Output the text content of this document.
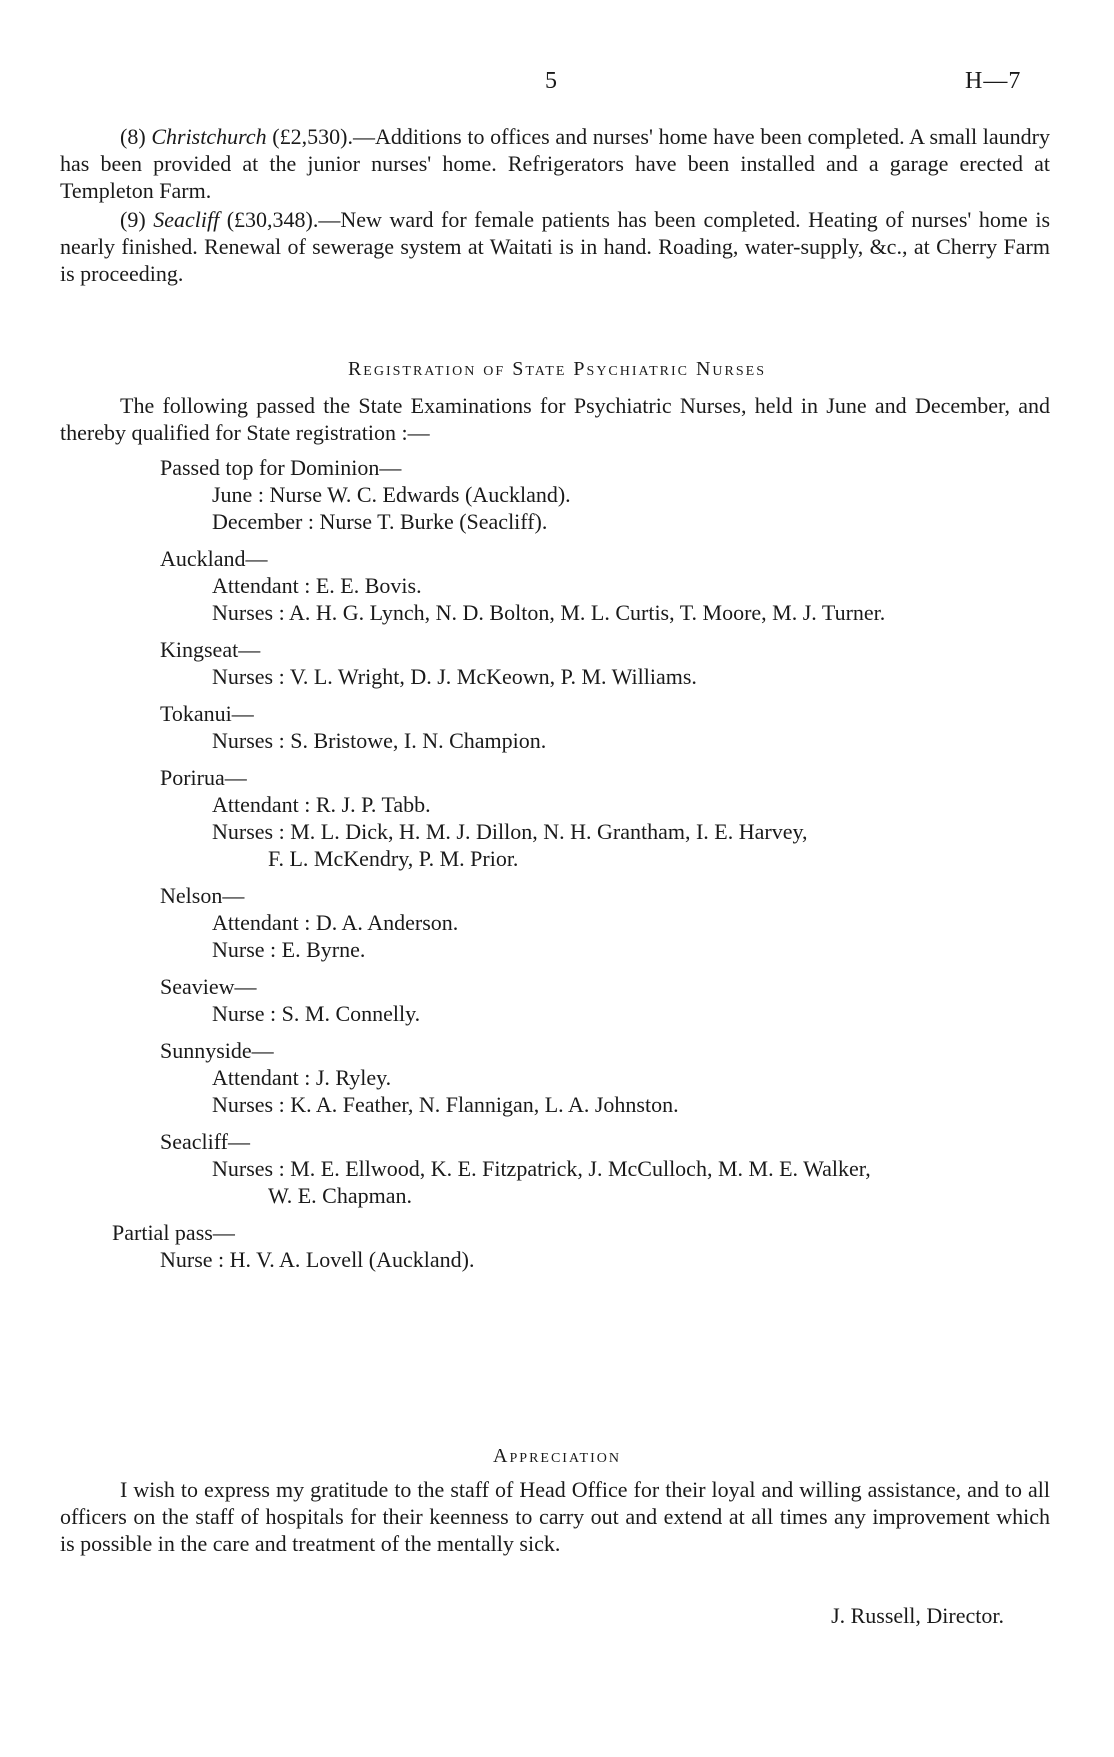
5	H—7
(8) Christchurch (£2,530).—Additions to offices and nurses' home have been completed. A small laundry has been provided at the junior nurses' home. Refrigerators have been installed and a garage erected at Templeton Farm.
(9) Seacliff (£30,348).—New ward for female patients has been completed. Heating of nurses' home is nearly finished. Renewal of sewerage system at Waitati is in hand. Roading, water-supply, &c., at Cherry Farm is proceeding.
Registration of State Psychiatric Nurses
The following passed the State Examinations for Psychiatric Nurses, held in June and December, and thereby qualified for State registration :—
Passed top for Dominion—
June : Nurse W. C. Edwards (Auckland).
December : Nurse T. Burke (Seacliff).
Auckland—
Attendant : E. E. Bovis.
Nurses : A. H. G. Lynch, N. D. Bolton, M. L. Curtis, T. Moore, M. J. Turner.
Kingseat—
Nurses : V. L. Wright, D. J. McKeown, P. M. Williams.
Tokanui—
Nurses : S. Bristowe, I. N. Champion.
Porirua—
Attendant : R. J. P. Tabb.
Nurses : M. L. Dick, H. M. J. Dillon, N. H. Grantham, I. E. Harvey,
F. L. McKendry, P. M. Prior.
Nelson—
Attendant : D. A. Anderson.
Nurse : E. Byrne.
Seaview—
Nurse : S. M. Connelly.
Sunnyside—
Attendant : J. Ryley.
Nurses : K. A. Feather, N. Flannigan, L. A. Johnston.
Seacliff—
Nurses : M. E. Ellwood, K. E. Fitzpatrick, J. McCulloch, M. M. E. Walker,
W. E. Chapman.
Partial pass—
Nurse : H. V. A. Lovell (Auckland).
Appreciation
I wish to express my gratitude to the staff of Head Office for their loyal and willing assistance, and to all officers on the staff of hospitals for their keenness to carry out and extend at all times any improvement which is possible in the care and treatment of the mentally sick.
J. Russell, Director.
